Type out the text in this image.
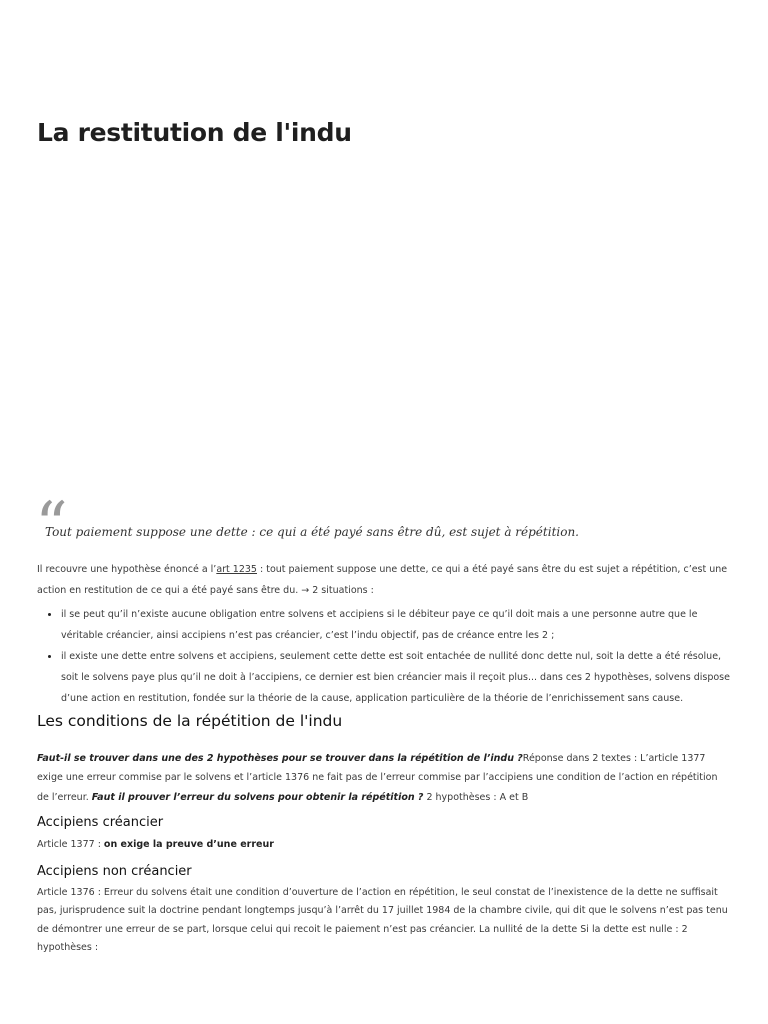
La restitution de l'indu
“

Tout paiement suppose une dette : ce qui a été payé sans être dû, est sujet à répétition.

Il recouvre une hypothèse énoncé a l’art 1235 : tout paiement suppose une dette, ce qui a été payé sans être du est sujet a répétition, c’est une action en restitution de ce qui a été payé sans être du. → 2 situations :

• il se peut qu’il n’existe aucune obligation entre solvens et accipiens si le débiteur paye ce qu’il doit mais a une personne autre que le véritable créancier, ainsi accipiens n’est pas créancier, c’est l’indu objectif, pas de créance entre les 2 ;
• il existe une dette entre solvens et accipiens, seulement cette dette est soit entachée de nullité donc dette nul, soit la dette a été résolue, soit le solvens paye plus qu’il ne doit à l’accipiens, ce dernier est bien créancier mais il reçoit plus... dans ces 2 hypothèses, solvens dispose d’une action en restitution, fondée sur la théorie de la cause, application particulière de la théorie de l’enrichissement sans cause.
Les conditions de la répétition de l'indu

Faut-il se trouver dans une des 2 hypothèses pour se trouver dans la répétition de l’indu ?Réponse dans 2 textes : L’article 1377 exige une erreur commise par le solvens et l’article 1376 ne fait pas de l’erreur commise par l’accipiens une condition de l’action en répétition de l’erreur. Faut il prouver l’erreur du solvens pour obtenir la répétition ? 2 hypothèses : A et B

Accipiens créancier

Article 1377 : on exige la preuve d’une erreur

Accipiens non créancier

Article 1376 : Erreur du solvens était une condition d’ouverture de l’action en répétition, le seul constat de l’inexistence de la dette ne suffisait pas, jurisprudence suit la doctrine pendant longtemps jusqu’à l’arrêt du 17 juillet 1984 de la chambre civile, qui dit que le solvens n’est pas tenu de démontrer une erreur de se part, lorsque celui qui recoit le paiement n’est pas créancier. La nullité de la dette Si la dette est nulle : 2 hypothèses :
